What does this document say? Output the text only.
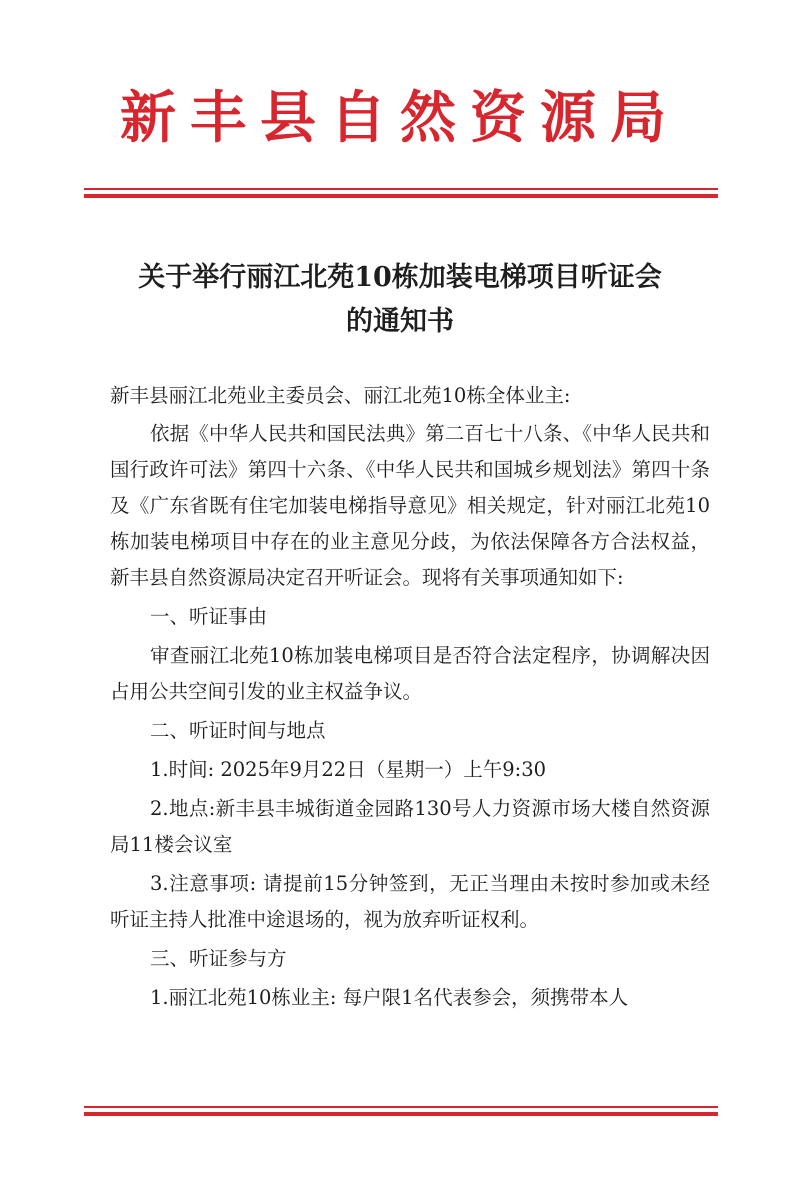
新丰县自然资源局
关于举行丽江北苑10栋加装电梯项目听证会
的通知书

新丰县丽江北苑业主委员会、丽江北苑10栋全体业主:

依据《中华人民共和国民法典》第二百七十八条、《中华人民共和国行政许可法》第四十六条、《中华人民共和国城乡规划法》第四十条及《广东省既有住宅加装电梯指导意见》相关规定，针对丽江北苑10栋加装电梯项目中存在的业主意见分歧，为依法保障各方合法权益，新丰县自然资源局决定召开听证会。现将有关事项通知如下:

一、听证事由

审查丽江北苑10栋加装电梯项目是否符合法定程序，协调解决因占用公共空间引发的业主权益争议。

二、听证时间与地点

1.时间: 2025年9月22日（星期一）上午9:30

2.地点:新丰县丰城街道金园路130号人力资源市场大楼自然资源局11楼会议室

3.注意事项: 请提前15分钟签到，无正当理由未按时参加或未经听证主持人批准中途退场的，视为放弃听证权利。

三、听证参与方

1.丽江北苑10栋业主: 每户限1名代表参会，须携带本人
